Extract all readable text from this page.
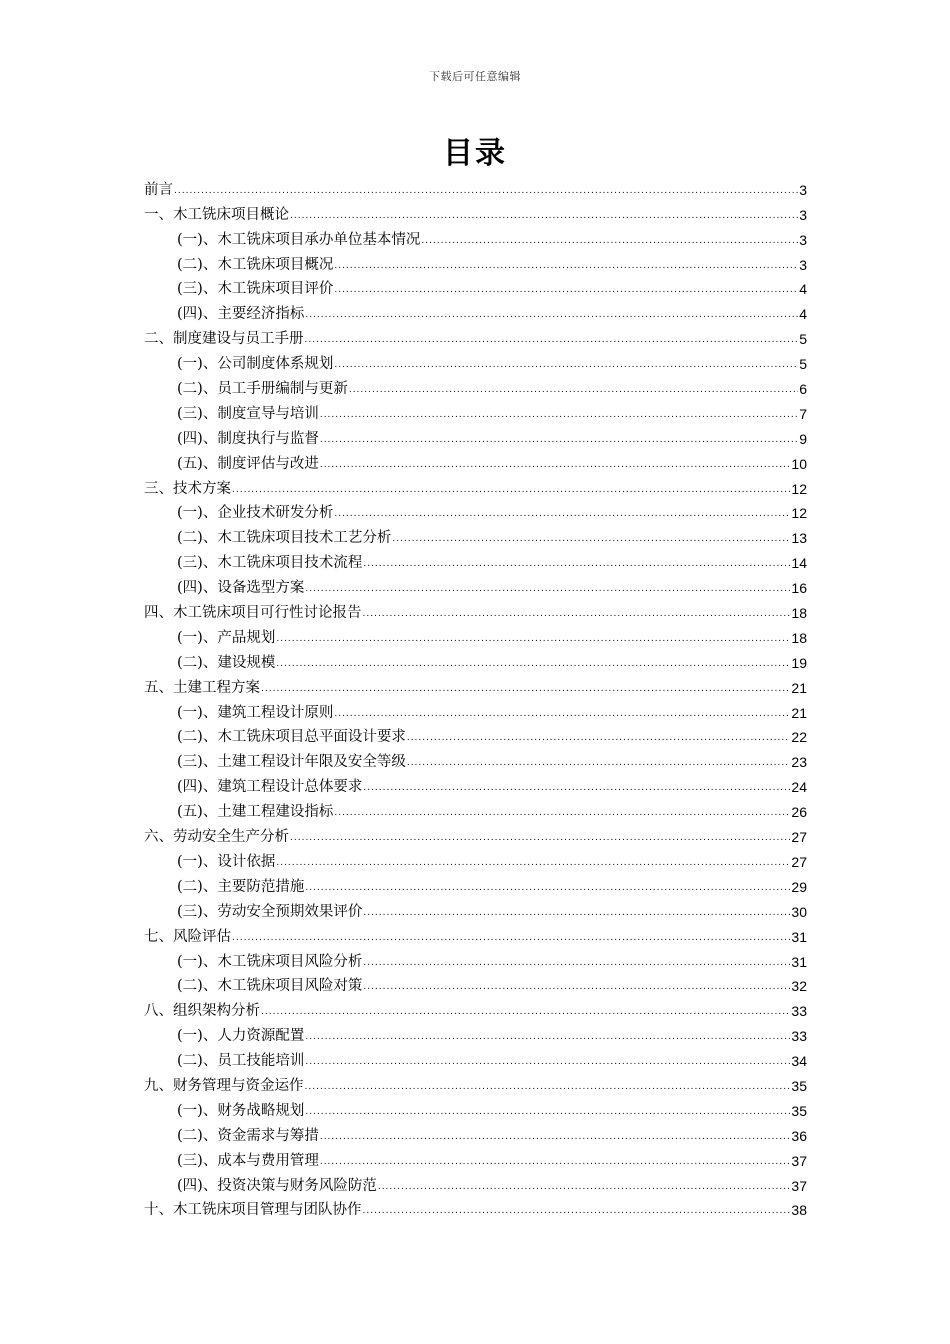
下载后可任意编辑
目录
前言 .....	3
一、木工铣床项目概论 .....	3
(一)、木工铣床项目承办单位基本情况 .....	3
(二)、木工铣床项目概况 .....	3
(三)、木工铣床项目评价 .....	4
(四)、主要经济指标 .....	4
二、制度建设与员工手册 .....	5
(一)、公司制度体系规划 .....	5
(二)、员工手册编制与更新 .....	6
(三)、制度宣导与培训 .....	7
(四)、制度执行与监督 .....	9
(五)、制度评估与改进 .....	10
三、技术方案 .....	12
(一)、企业技术研发分析 .....	12
(二)、木工铣床项目技术工艺分析 .....	13
(三)、木工铣床项目技术流程 .....	14
(四)、设备选型方案 .....	16
四、木工铣床项目可行性讨论报告 .....	18
(一)、产品规划 .....	18
(二)、建设规模 .....	19
五、土建工程方案 .....	21
(一)、建筑工程设计原则 .....	21
(二)、木工铣床项目总平面设计要求 .....	22
(三)、土建工程设计年限及安全等级 .....	23
(四)、建筑工程设计总体要求 .....	24
(五)、土建工程建设指标 .....	26
六、劳动安全生产分析 .....	27
(一)、设计依据 .....	27
(二)、主要防范措施 .....	29
(三)、劳动安全预期效果评价 .....	30
七、风险评估 .....	31
(一)、木工铣床项目风险分析 .....	31
(二)、木工铣床项目风险对策 .....	32
八、组织架构分析 .....	33
(一)、人力资源配置 .....	33
(二)、员工技能培训 .....	34
九、财务管理与资金运作 .....	35
(一)、财务战略规划 .....	35
(二)、资金需求与筹措 .....	36
(三)、成本与费用管理 .....	37
(四)、投资决策与财务风险防范 .....	37
十、木工铣床项目管理与团队协作 .....	38
